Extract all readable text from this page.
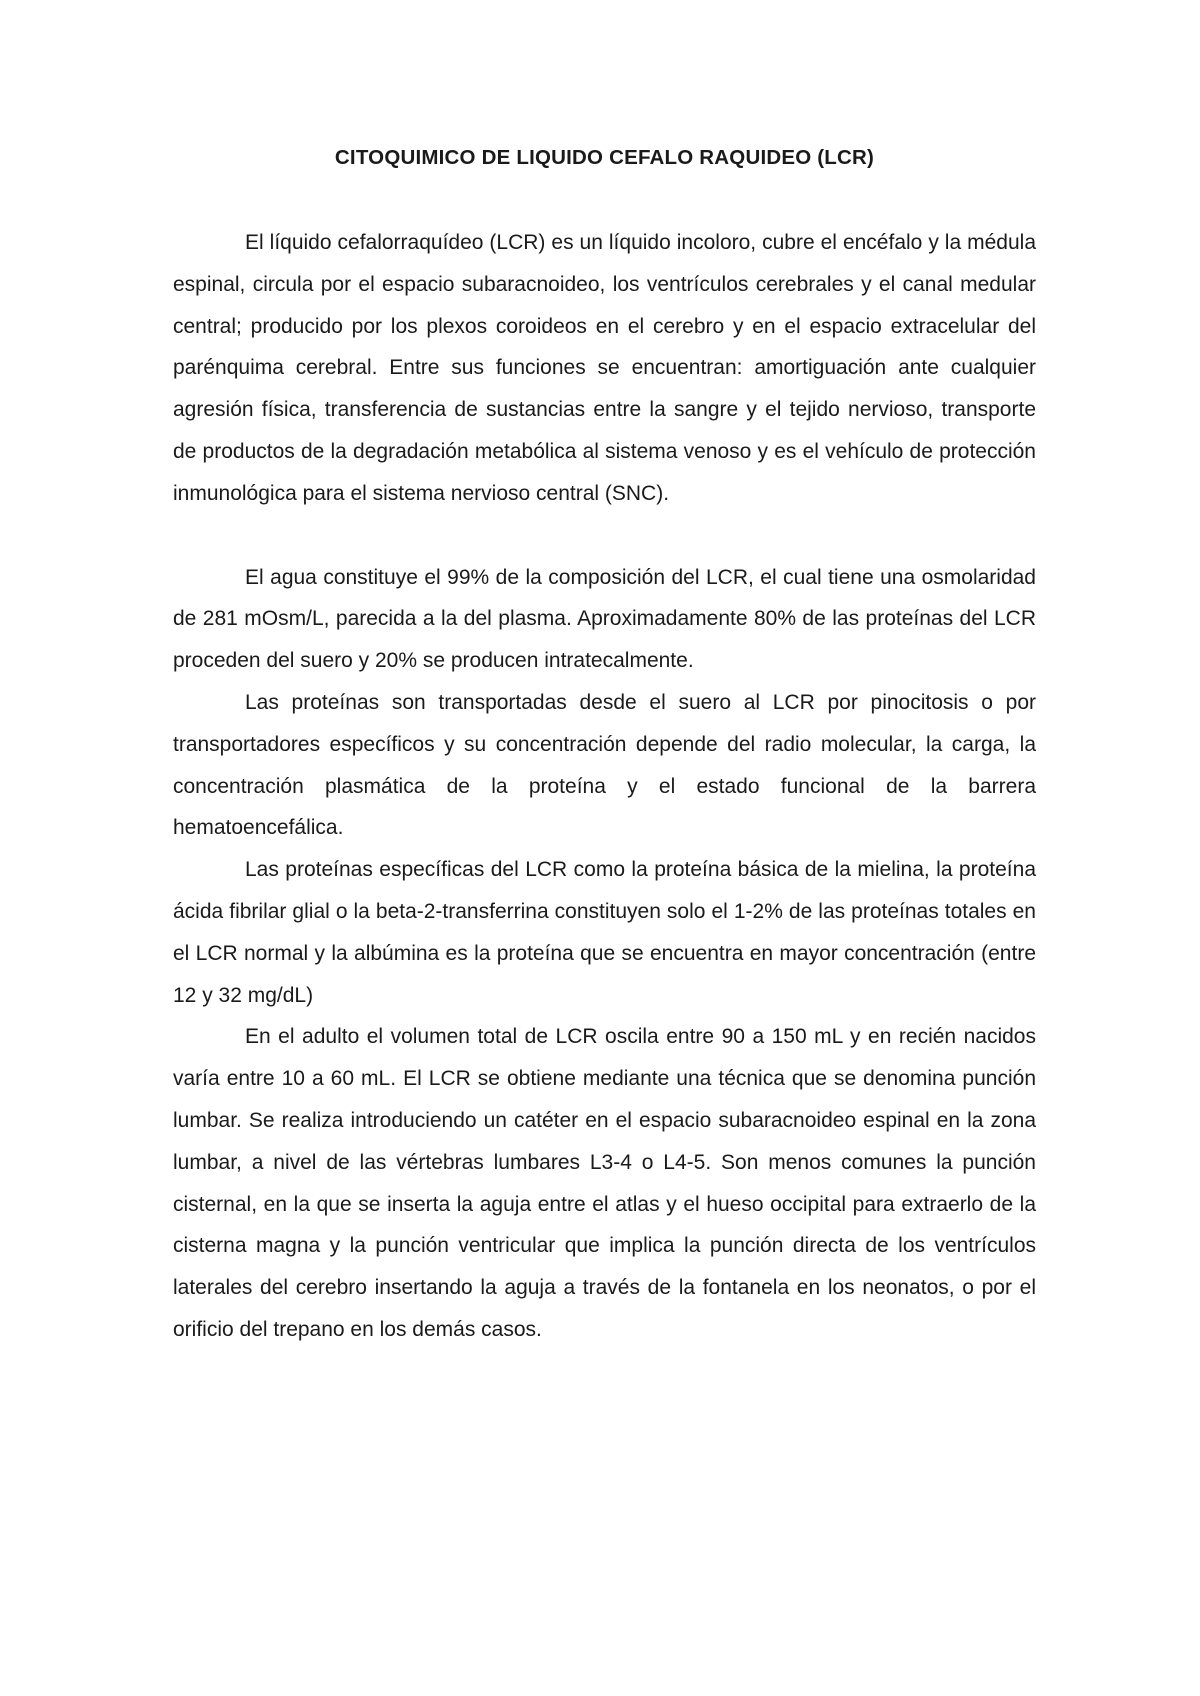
CITOQUIMICO DE LIQUIDO CEFALO RAQUIDEO (LCR)

El líquido cefalorraquídeo (LCR) es un líquido incoloro, cubre el encéfalo y la médula espinal, circula por el espacio subaracnoideo, los ventrículos cerebrales y el canal medular central; producido por los plexos coroideos en el cerebro y en el espacio extracelular del parénquima cerebral. Entre sus funciones se encuentran: amortiguación ante cualquier agresión física, transferencia de sustancias entre la sangre y el tejido nervioso, transporte de productos de la degradación metabólica al sistema venoso y es el vehículo de protección inmunológica para el sistema nervioso central (SNC).

El agua constituye el 99% de la composición del LCR, el cual tiene una osmolaridad de 281 mOsm/L, parecida a la del plasma. Aproximadamente 80% de las proteínas del LCR proceden del suero y 20% se producen intratecalmente.

Las proteínas son transportadas desde el suero al LCR por pinocitosis o por transportadores específicos y su concentración depende del radio molecular, la carga, la concentración plasmática de la proteína y el estado funcional de la barrera hematoencefálica.

Las proteínas específicas del LCR como la proteína básica de la mielina, la proteína ácida fibrilar glial o la beta-2-transferrina constituyen solo el 1-2% de las proteínas totales en el LCR normal y la albúmina es la proteína que se encuentra en mayor concentración (entre 12 y 32 mg/dL)

En el adulto el volumen total de LCR oscila entre 90 a 150 mL y en recién nacidos varía entre 10 a 60 mL. El LCR se obtiene mediante una técnica que se denomina punción lumbar. Se realiza introduciendo un catéter en el espacio subaracnoideo espinal en la zona lumbar, a nivel de las vértebras lumbares L3-4 o L4-5. Son menos comunes la punción cisternal, en la que se inserta la aguja entre el atlas y el hueso occipital para extraerlo de la cisterna magna y la punción ventricular que implica la punción directa de los ventrículos laterales del cerebro insertando la aguja a través de la fontanela en los neonatos, o por el orificio del trepano en los demás casos.
